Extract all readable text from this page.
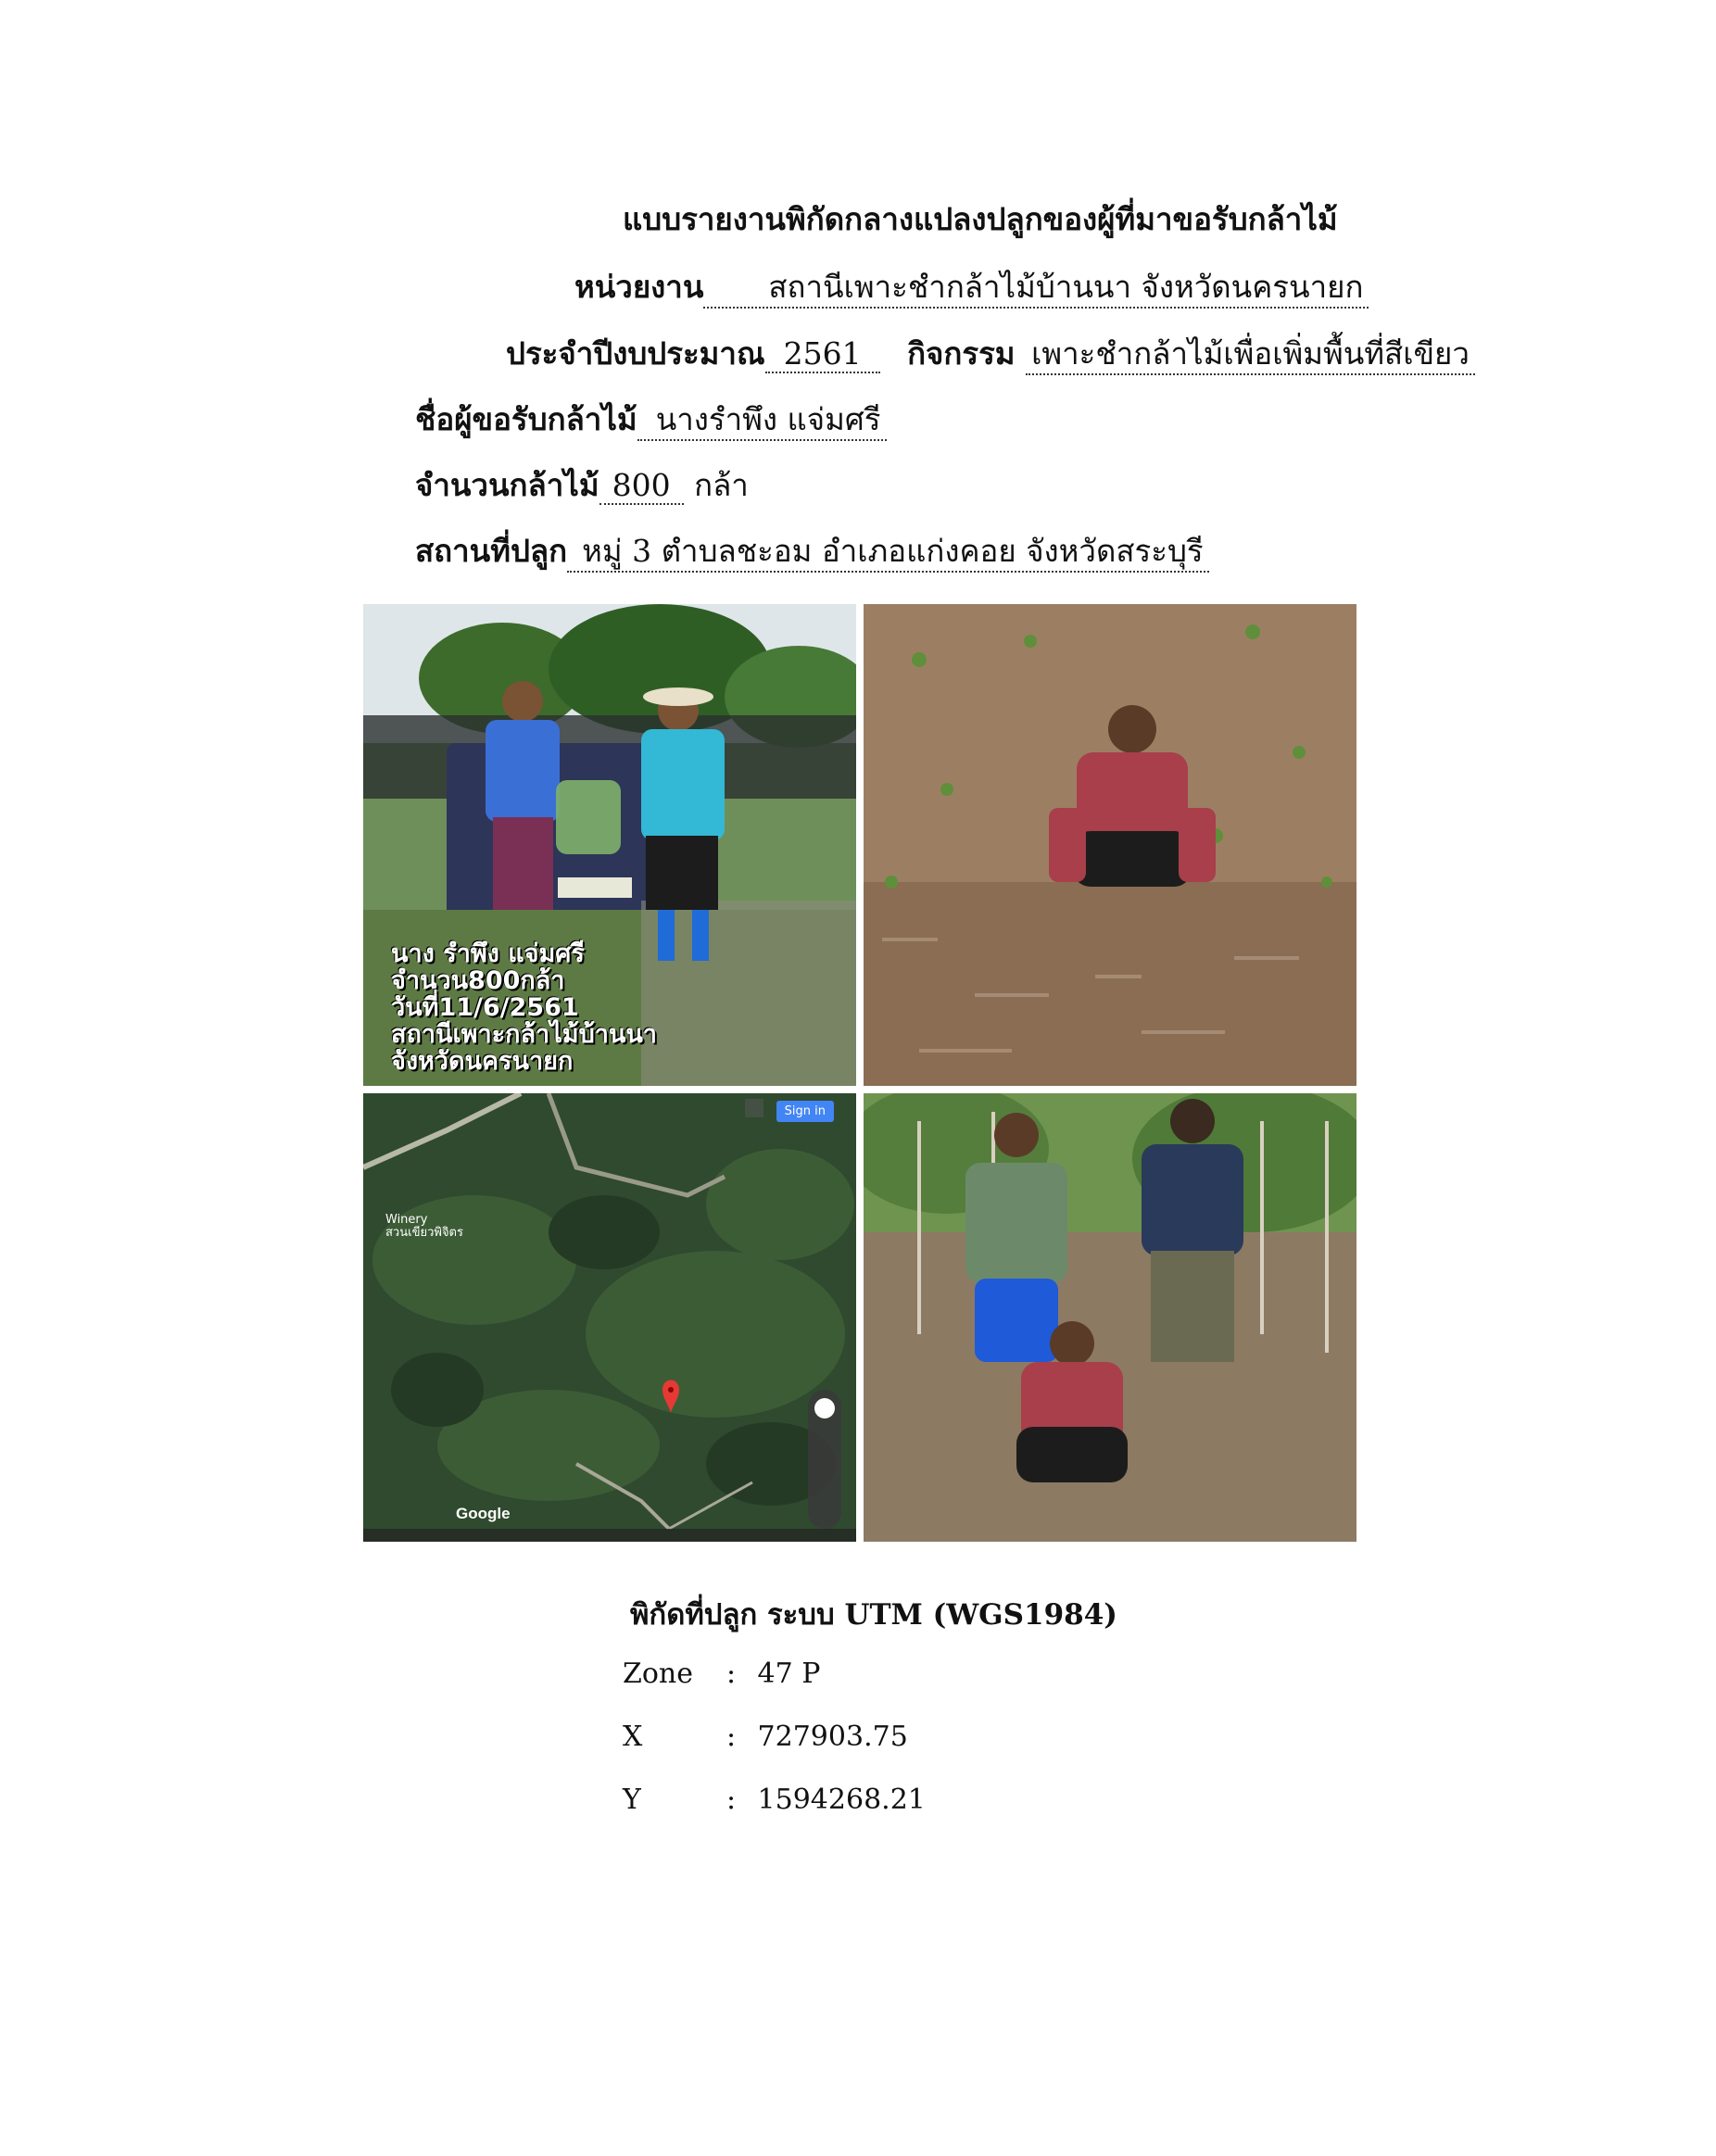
แบบรายงานพิกัดกลางแปลงปลูกของผู้ที่มาขอรับกล้าไม้
หน่วยงาน สถานีเพาะชำกล้าไม้บ้านนา จังหวัดนครนายก
ประจำปีงบประมาณ 2561 กิจกรรม เพาะชำกล้าไม้เพื่อเพิ่มพื้นที่สีเขียว
ชื่อผู้ขอรับกล้าไม้ นางรำพึง แจ่มศรี
จำนวนกล้าไม้ 800 กล้า
สถานที่ปลูก หมู่ 3 ตำบลชะอม อำเภอแก่งคอย จังหวัดสระบุรี
นาง รำพึง แจ่มศรี
จำนวน800กล้า
วันที่11/6/2561
สถานีเพาะกล้าไม้บ้านนา
จังหวัดนครนายก
Sign in
Winery
สวนเขียวพิจิตร
Google
พิกัดที่ปลูก ระบบ UTM (WGS1984)
Zone : 47 P
X	: 727903.75
Y	: 1594268.21
